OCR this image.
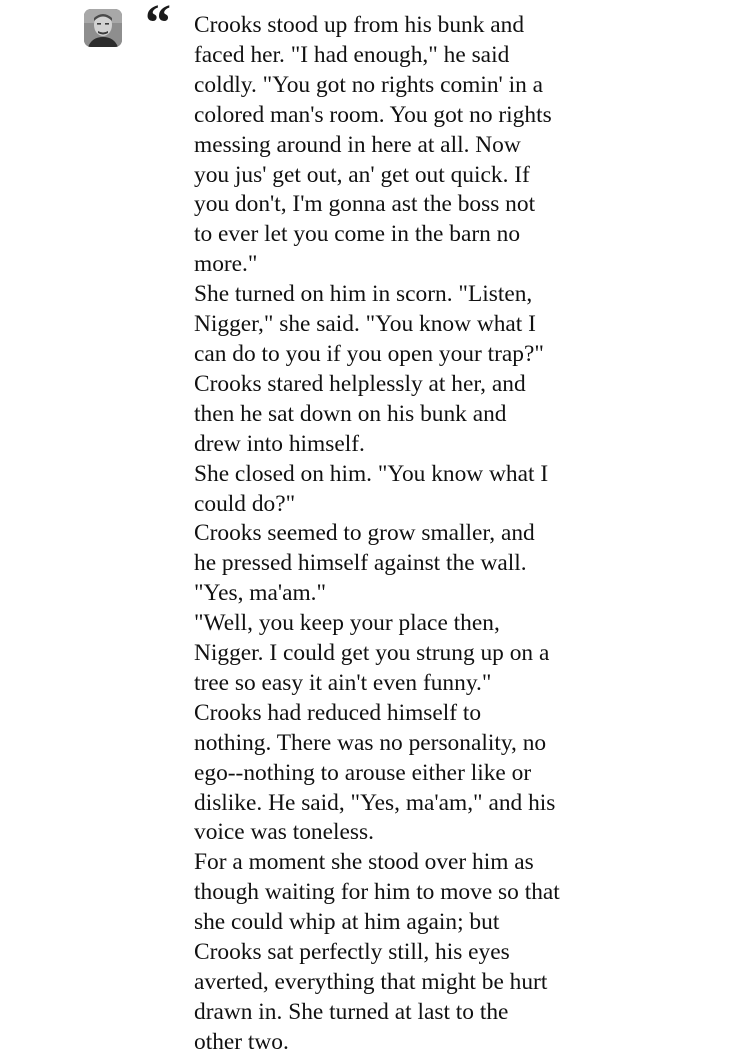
“ Crooks stood up from his bunk and
faced her. "I had enough," he said
coldly. "You got no rights comin' in a
colored man's room. You got no rights
messing around in here at all. Now
you jus' get out, an' get out quick. If
you don't, I'm gonna ast the boss not
to ever let you come in the barn no
more."
She turned on him in scorn. "Listen,
Nigger," she said. "You know what I
can do to you if you open your trap?"
Crooks stared helplessly at her, and
then he sat down on his bunk and
drew into himself.
She closed on him. "You know what I
could do?"
Crooks seemed to grow smaller, and
he pressed himself against the wall.
"Yes, ma'am."
"Well, you keep your place then,
Nigger. I could get you strung up on a
tree so easy it ain't even funny."
Crooks had reduced himself to
nothing. There was no personality, no
ego--nothing to arouse either like or
dislike. He said, "Yes, ma'am," and his
voice was toneless.
For a moment she stood over him as
though waiting for him to move so that
she could whip at him again; but
Crooks sat perfectly still, his eyes
averted, everything that might be hurt
drawn in. She turned at last to the
other two.
